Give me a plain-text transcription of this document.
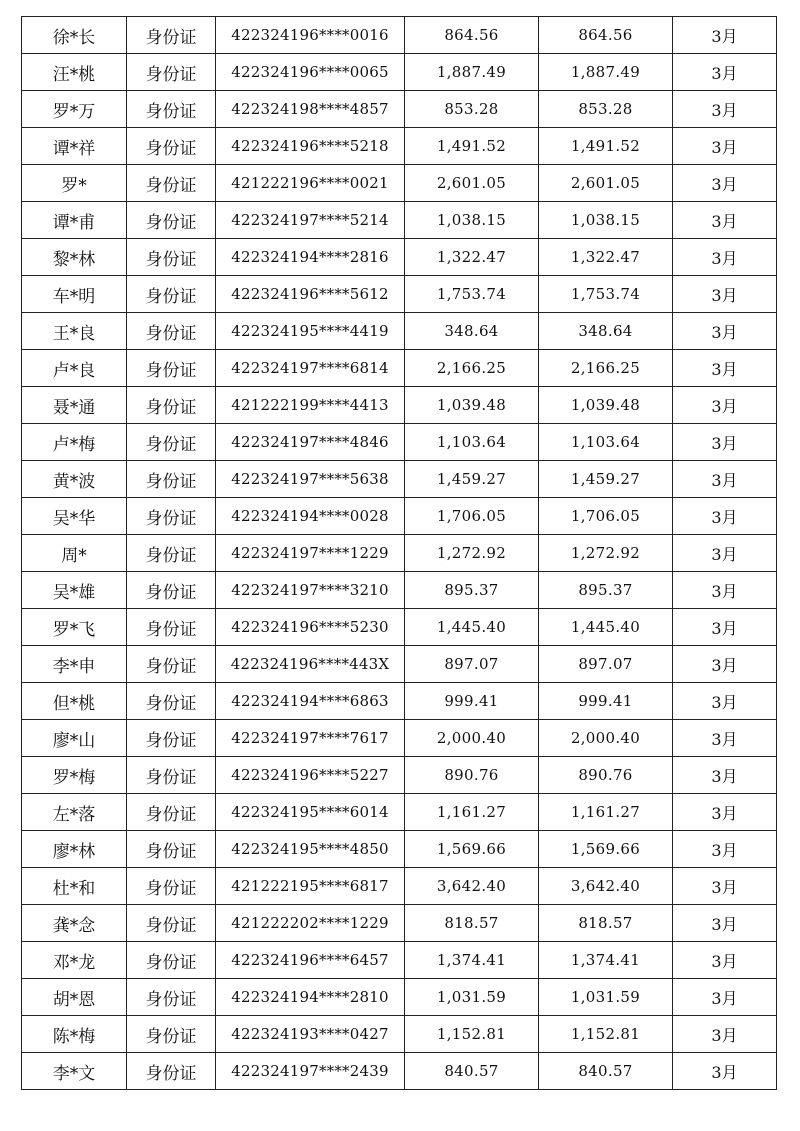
徐*长	身份证	422324196****0016	864.56	864.56	3月
汪*桃	身份证	422324196****0065	1,887.49	1,887.49	3月
罗*万	身份证	422324198****4857	853.28	853.28	3月
谭*祥	身份证	422324196****5218	1,491.52	1,491.52	3月
罗*	身份证	421222196****0021	2,601.05	2,601.05	3月
谭*甫	身份证	422324197****5214	1,038.15	1,038.15	3月
黎*林	身份证	422324194****2816	1,322.47	1,322.47	3月
车*明	身份证	422324196****5612	1,753.74	1,753.74	3月
王*良	身份证	422324195****4419	348.64	348.64	3月
卢*良	身份证	422324197****6814	2,166.25	2,166.25	3月
聂*通	身份证	421222199****4413	1,039.48	1,039.48	3月
卢*梅	身份证	422324197****4846	1,103.64	1,103.64	3月
黄*波	身份证	422324197****5638	1,459.27	1,459.27	3月
吴*华	身份证	422324194****0028	1,706.05	1,706.05	3月
周*	身份证	422324197****1229	1,272.92	1,272.92	3月
吴*雄	身份证	422324197****3210	895.37	895.37	3月
罗*飞	身份证	422324196****5230	1,445.40	1,445.40	3月
李*申	身份证	422324196****443X	897.07	897.07	3月
但*桃	身份证	422324194****6863	999.41	999.41	3月
廖*山	身份证	422324197****7617	2,000.40	2,000.40	3月
罗*梅	身份证	422324196****5227	890.76	890.76	3月
左*落	身份证	422324195****6014	1,161.27	1,161.27	3月
廖*林	身份证	422324195****4850	1,569.66	1,569.66	3月
杜*和	身份证	421222195****6817	3,642.40	3,642.40	3月
龚*念	身份证	421222202****1229	818.57	818.57	3月
邓*龙	身份证	422324196****6457	1,374.41	1,374.41	3月
胡*恩	身份证	422324194****2810	1,031.59	1,031.59	3月
陈*梅	身份证	422324193****0427	1,152.81	1,152.81	3月
李*文	身份证	422324197****2439	840.57	840.57	3月
